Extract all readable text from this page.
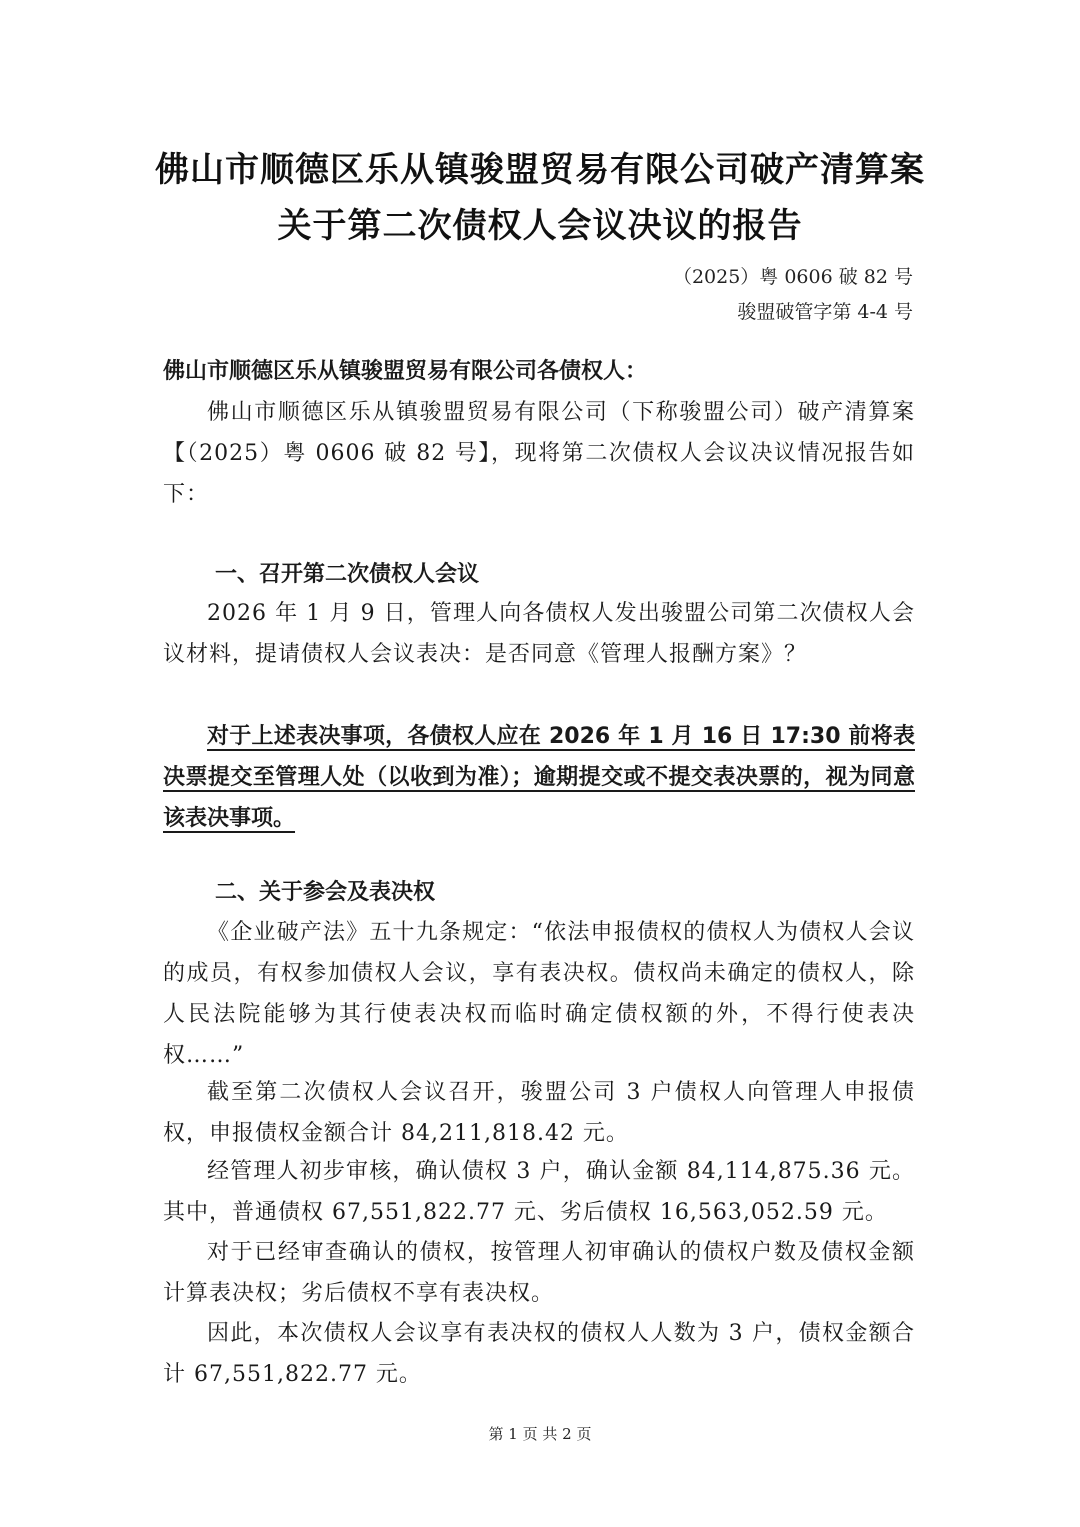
佛山市顺德区乐从镇骏盟贸易有限公司破产清算案
关于第二次债权人会议决议的报告
（2025）粤 0606 破 82 号
骏盟破管字第 4-4 号
佛山市顺德区乐从镇骏盟贸易有限公司各债权人：
佛山市顺德区乐从镇骏盟贸易有限公司（下称骏盟公司）破产清算案【（2025）粤 0606 破 82 号】，现将第二次债权人会议决议情况报告如下：
一、召开第二次债权人会议
2026 年 1 月 9 日，管理人向各债权人发出骏盟公司第二次债权人会议材料，提请债权人会议表决：是否同意《管理人报酬方案》？
对于上述表决事项，各债权人应在 2026 年 1 月 16 日 17:30 前将表决票提交至管理人处（以收到为准）；逾期提交或不提交表决票的，视为同意该表决事项。
二、关于参会及表决权
《企业破产法》五十九条规定：“依法申报债权的债权人为债权人会议的成员，有权参加债权人会议，享有表决权。债权尚未确定的债权人，除人民法院能够为其行使表决权而临时确定债权额的外，不得行使表决权……”
截至第二次债权人会议召开，骏盟公司 3 户债权人向管理人申报债权，申报债权金额合计 84,211,818.42 元。
经管理人初步审核，确认债权 3 户，确认金额 84,114,875.36 元。其中，普通债权 67,551,822.77 元、劣后债权 16,563,052.59 元。
对于已经审查确认的债权，按管理人初审确认的债权户数及债权金额计算表决权；劣后债权不享有表决权。
因此，本次债权人会议享有表决权的债权人人数为 3 户，债权金额合计 67,551,822.77 元。
第 1 页 共 2 页
